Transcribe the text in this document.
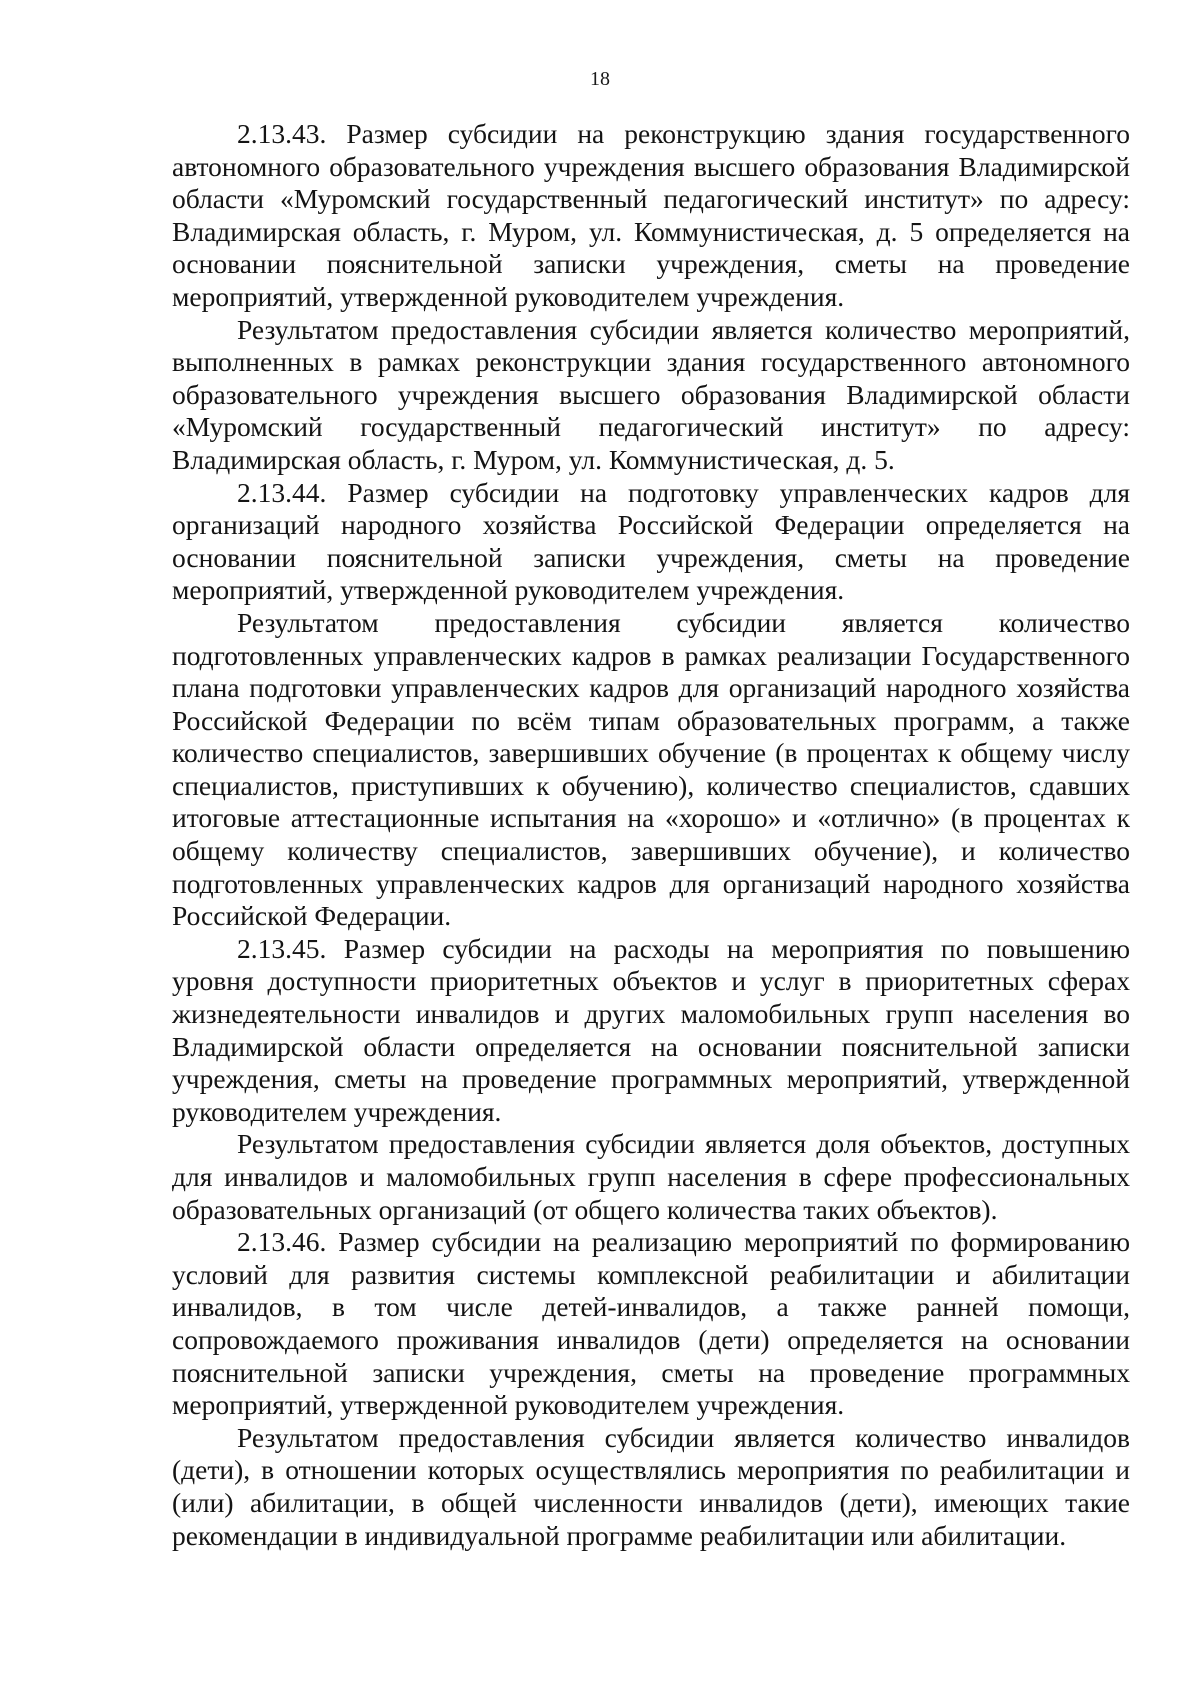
18

2.13.43. Размер субсидии на реконструкцию здания государственного автономного образовательного учреждения высшего образования Владимирской области «Муромский государственный педагогический институт» по адресу: Владимирская область, г. Муром, ул. Коммунистическая, д. 5 определяется на основании пояснительной записки учреждения, сметы на проведение мероприятий, утвержденной руководителем учреждения.

Результатом предоставления субсидии является количество мероприятий, выполненных в рамках реконструкции здания государственного автономного образовательного учреждения высшего образования Владимирской области «Муромский государственный педагогический институт» по адресу: Владимирская область, г. Муром, ул. Коммунистическая, д. 5.

2.13.44. Размер субсидии на подготовку управленческих кадров для организаций народного хозяйства Российской Федерации определяется на основании пояснительной записки учреждения, сметы на проведение мероприятий, утвержденной руководителем учреждения.

Результатом предоставления субсидии является количество подготовленных управленческих кадров в рамках реализации Государственного плана подготовки управленческих кадров для организаций народного хозяйства Российской Федерации по всём типам образовательных программ, а также количество специалистов, завершивших обучение (в процентах к общему числу специалистов, приступивших к обучению), количество специалистов, сдавших итоговые аттестационные испытания на «хорошо» и «отлично» (в процентах к общему количеству специалистов, завершивших обучение), и количество подготовленных управленческих кадров для организаций народного хозяйства Российской Федерации.

2.13.45. Размер субсидии на расходы на мероприятия по повышению уровня доступности приоритетных объектов и услуг в приоритетных сферах жизнедеятельности инвалидов и других маломобильных групп населения во Владимирской области определяется на основании пояснительной записки учреждения, сметы на проведение программных мероприятий, утвержденной руководителем учреждения.

Результатом предоставления субсидии является доля объектов, доступных для инвалидов и маломобильных групп населения в сфере профессиональных образовательных организаций (от общего количества таких объектов).

2.13.46. Размер субсидии на реализацию мероприятий по формированию условий для развития системы комплексной реабилитации и абилитации инвалидов, в том числе детей-инвалидов, а также ранней помощи, сопровождаемого проживания инвалидов (дети) определяется на основании пояснительной записки учреждения, сметы на проведение программных мероприятий, утвержденной руководителем учреждения.

Результатом предоставления субсидии является количество инвалидов (дети), в отношении которых осуществлялись мероприятия по реабилитации и (или) абилитации, в общей численности инвалидов (дети), имеющих такие рекомендации в индивидуальной программе реабилитации или абилитации.
